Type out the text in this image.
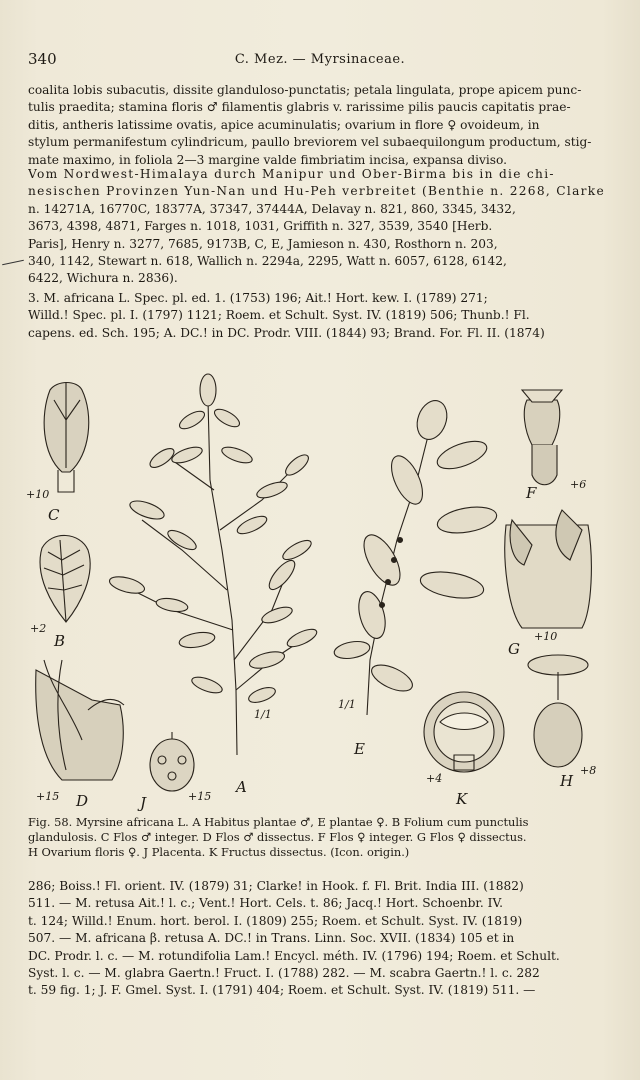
340	C. Mez. — Myrsinaceae.
coalita lobis subacutis, dissite glanduloso-punctatis; petala lingulata, prope apicem punc-
tulis praedita; stamina floris ♂ filamentis glabris v. rarissime pilis paucis capitatis prae-
ditis, antheris latissime ovatis, apice acuminulatis; ovarium in flore ♀ ovoideum, in
stylum permanifestum cylindricum, paullo breviorem vel subaequilongum productum, stig-
mate maximo, in foliola 2—3 margine valde fimbriatim incisa, expansa diviso.
Vom Nordwest-Himalaya durch Manipur und Ober-Birma bis in die chi-
nesischen Provinzen Yun-Nan und Hu-Peh verbreitet (Benthie n. 2268, Clarke
n. 14271A, 16770C, 18377A, 37347, 37444A, Delavay n. 821, 860, 3345, 3432,
3673, 4398, 4871, Farges n. 1018, 1031, Griffith n. 327, 3539, 3540 [Herb.
Paris], Henry n. 3277, 7685, 9173B, C, E, Jamieson n. 430, Rosthorn n. 203,
340, 1142, Stewart n. 618, Wallich n. 2294a, 2295, Watt n. 6057, 6128, 6142,
6422, Wichura n. 2836).
3. M. africana L. Spec. pl. ed. 1. (1753) 196; Ait.! Hort. kew. I. (1789) 271;
Willd.! Spec. pl. I. (1797) 1121; Roem. et Schult. Syst. IV. (1819) 506; Thunb.! Fl.
capens. ed. Sch. 195; A. DC.! in DC. Prodr. VIII. (1844) 93; Brand. For. Fl. II. (1874)
C
+10
B
+2
D
+15	J	+15
A
1/1
E
1/1
K
+4
F	+6
G
+10
H
+8
Fig. 58. Myrsine africana L. A Habitus plantae ♂, E plantae ♀. B Folium cum punctulis
glandulosis. C Flos ♂ integer. D Flos ♂ dissectus. F Flos ♀ integer. G Flos ♀ dissectus.
H Ovarium floris ♀. J Placenta. K Fructus dissectus. (Icon. origin.)
286; Boiss.! Fl. orient. IV. (1879) 31; Clarke! in Hook. f. Fl. Brit. India III. (1882)
511. — M. retusa Ait.! l. c.; Vent.! Hort. Cels. t. 86; Jacq.! Hort. Schoenbr. IV.
t. 124; Willd.! Enum. hort. berol. I. (1809) 255; Roem. et Schult. Syst. IV. (1819)
507. — M. africana β. retusa A. DC.! in Trans. Linn. Soc. XVII. (1834) 105 et in
DC. Prodr. l. c. — M. rotundifolia Lam.! Encycl. méth. IV. (1796) 194; Roem. et Schult.
Syst. l. c. — M. glabra Gaertn.! Fruct. I. (1788) 282. — M. scabra Gaertn.! l. c. 282
t. 59 fig. 1; J. F. Gmel. Syst. I. (1791) 404; Roem. et Schult. Syst. IV. (1819) 511. —
